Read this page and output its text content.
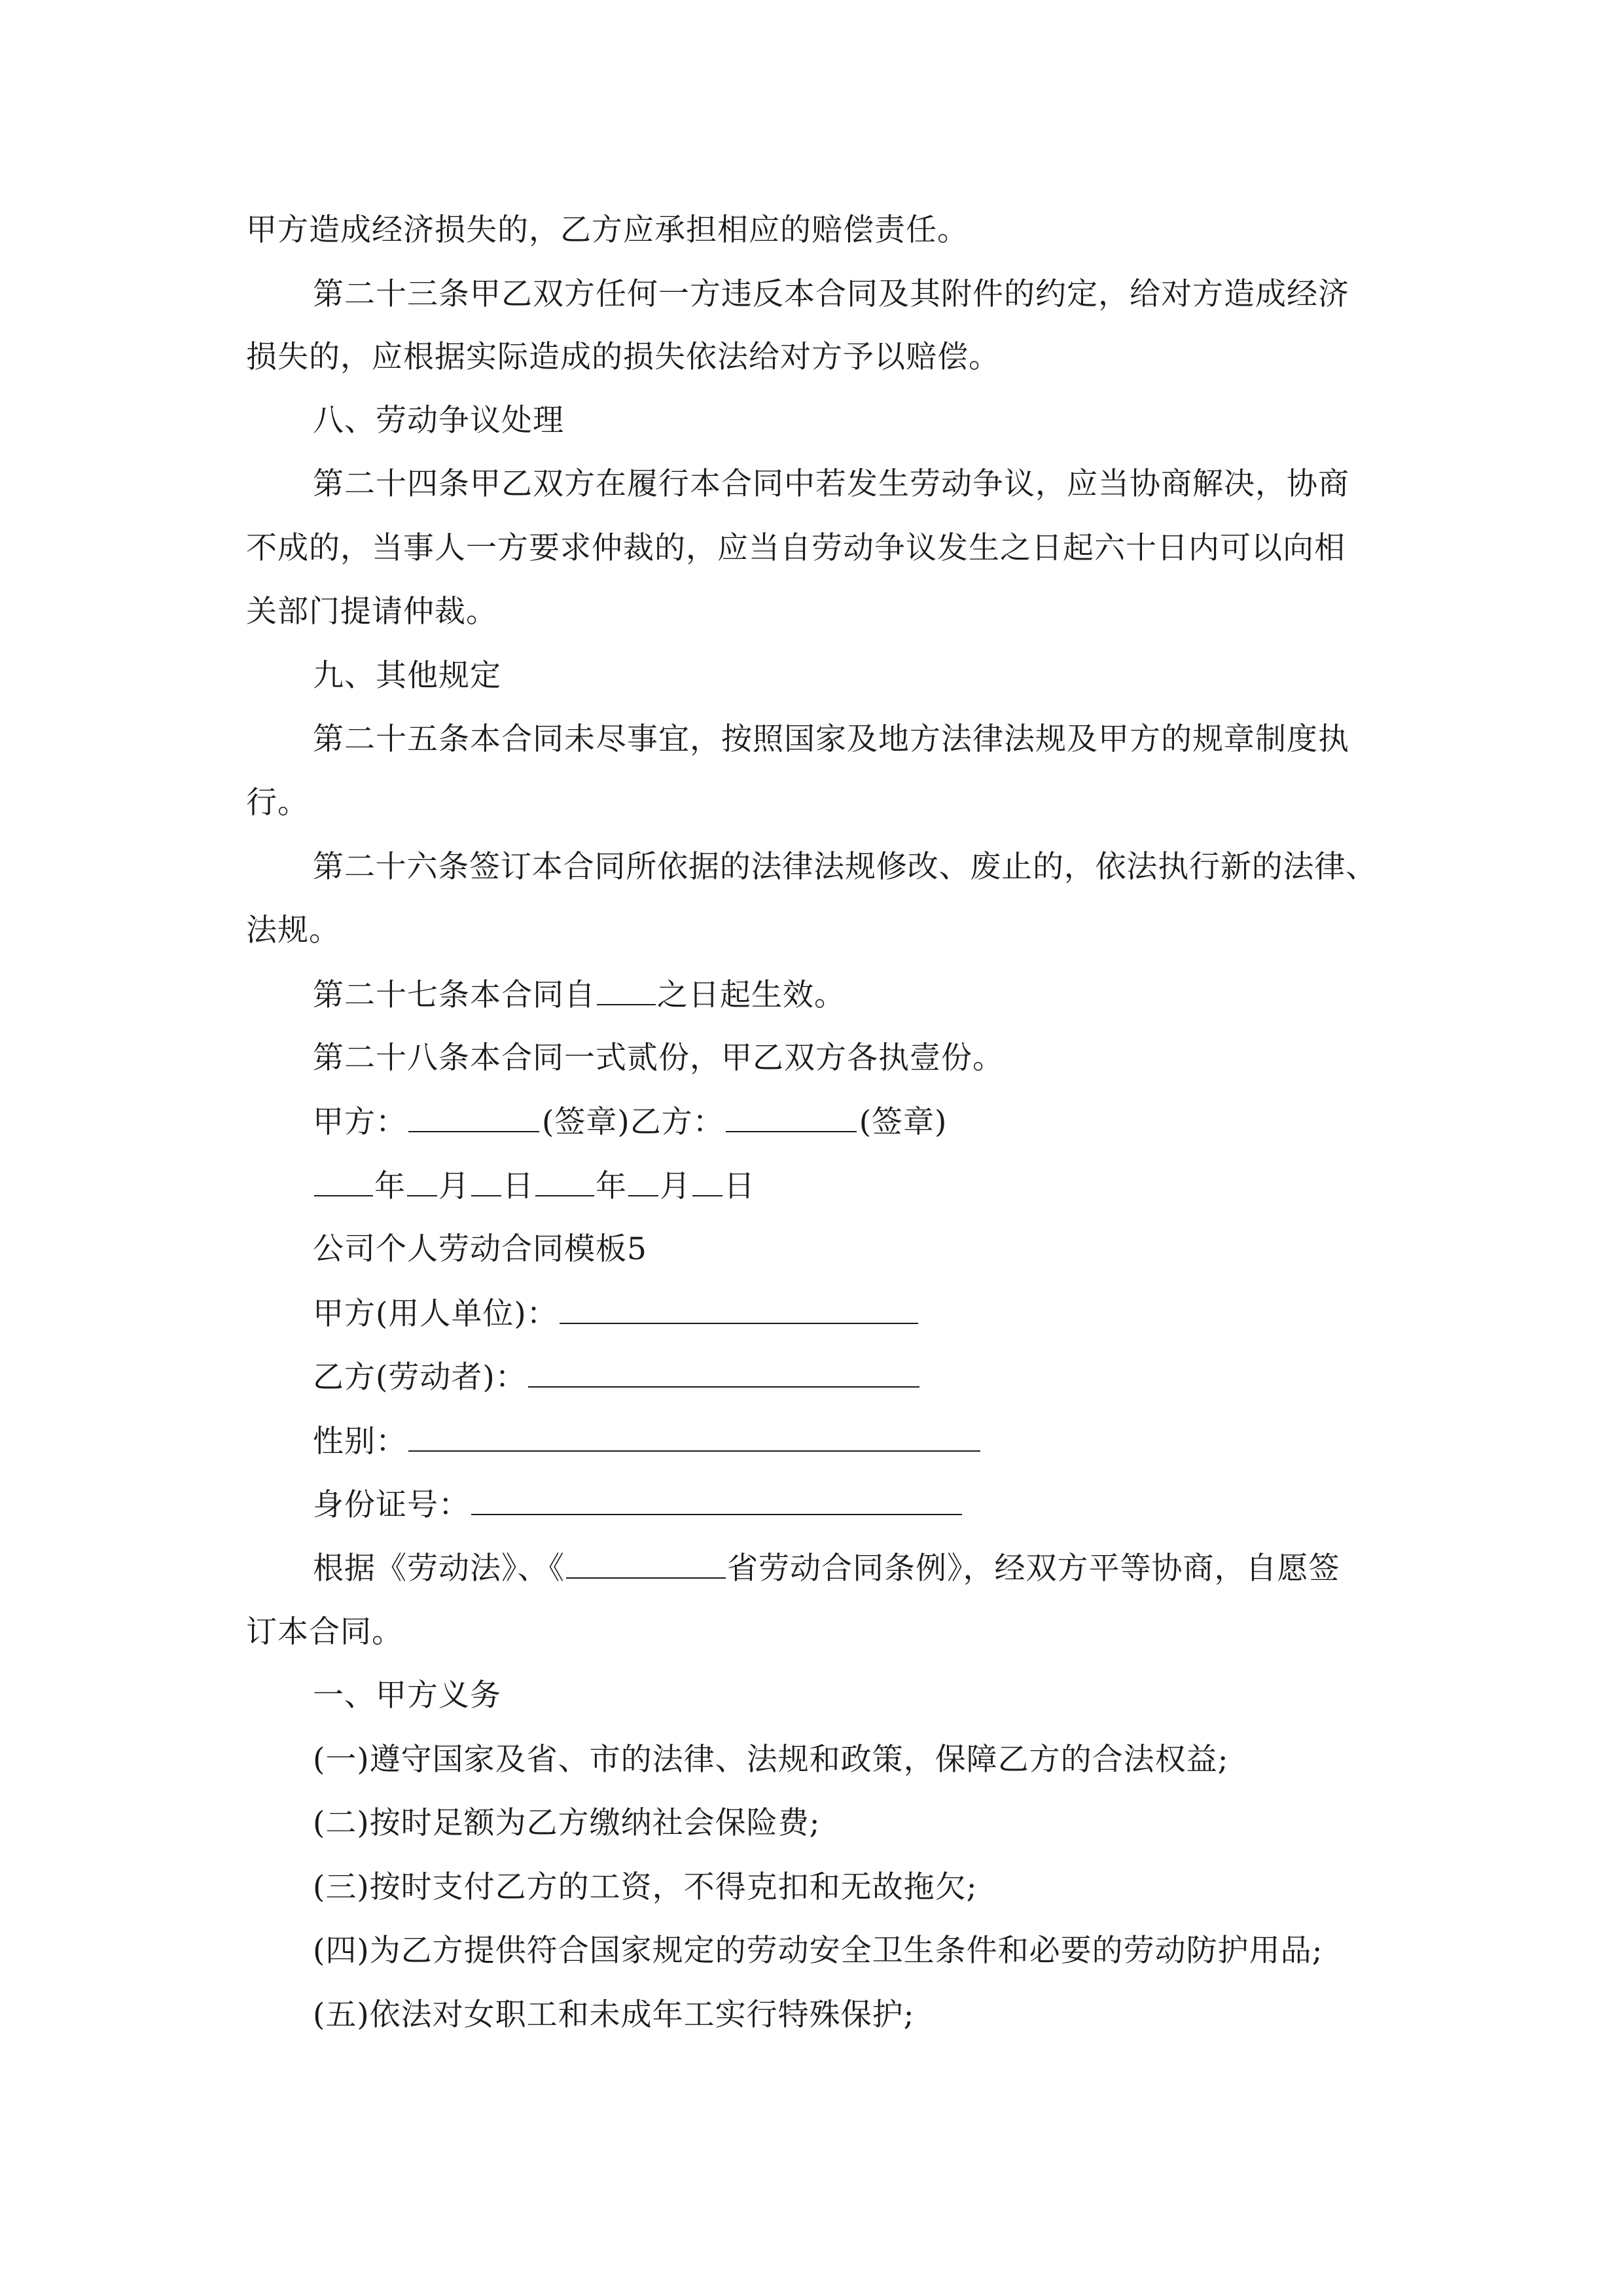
甲方造成经济损失的，乙方应承担相应的赔偿责任。
第二十三条甲乙双方任何一方违反本合同及其附件的约定，给对方造成经济
损失的，应根据实际造成的损失依法给对方予以赔偿。
八、劳动争议处理
第二十四条甲乙双方在履行本合同中若发生劳动争议，应当协商解决，协商
不成的，当事人一方要求仲裁的，应当自劳动争议发生之日起六十日内可以向相
关部门提请仲裁。
九、其他规定
第二十五条本合同未尽事宜，按照国家及地方法律法规及甲方的规章制度执
行。
第二十六条签订本合同所依据的法律法规修改、废止的，依法执行新的法律、
法规。
第二十七条本合同自 之日起生效。
第二十八条本合同一式贰份，甲乙双方各执壹份。
甲方：	(签章)乙方：	(签章)
年 月 日 年 月 日
公司个人劳动合同模板5
甲方(用人单位)：
乙方(劳动者)：
性别：
身份证号：
根据《劳动法》、《	省劳动合同条例》，经双方平等协商，自愿签
订本合同。
一、甲方义务
(一)遵守国家及省、市的法律、法规和政策，保障乙方的合法权益;
(二)按时足额为乙方缴纳社会保险费;
(三)按时支付乙方的工资，不得克扣和无故拖欠;
(四)为乙方提供符合国家规定的劳动安全卫生条件和必要的劳动防护用品;
(五)依法对女职工和未成年工实行特殊保护;
